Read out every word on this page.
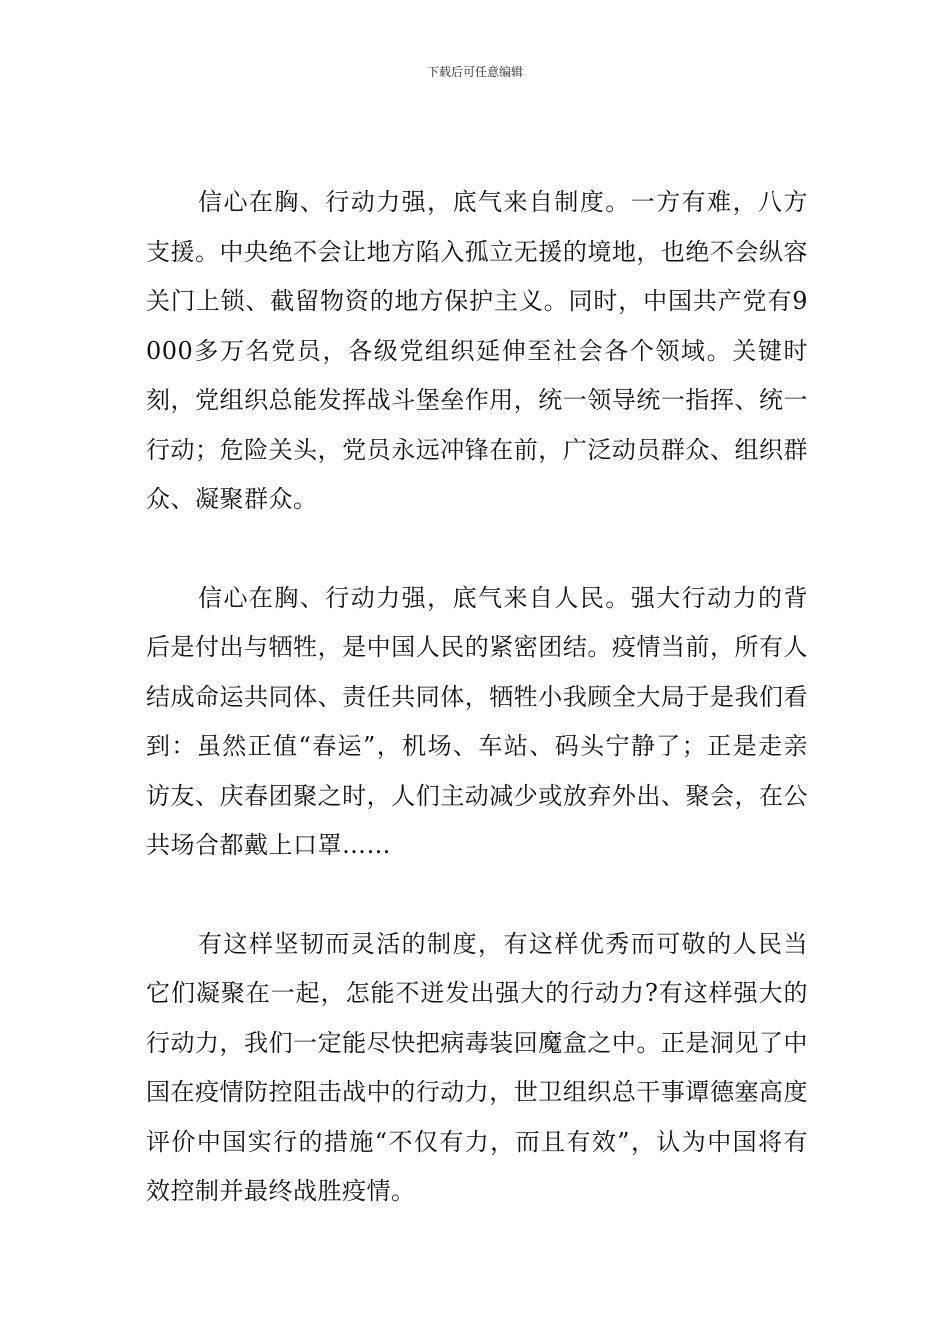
下载后可任意编辑

信心在胸、行动力强，底气来自制度。一方有难，八方支援。中央绝不会让地方陷入孤立无援的境地，也绝不会纵容关门上锁、截留物资的地方保护主义。同时，中国共产党有9000多万名党员，各级党组织延伸至社会各个领域。关键时刻，党组织总能发挥战斗堡垒作用，统一领导统一指挥、统一行动；危险关头，党员永远冲锋在前，广泛动员群众、组织群众、凝聚群众。

信心在胸、行动力强，底气来自人民。强大行动力的背后是付出与牺牲，是中国人民的紧密团结。疫情当前，所有人结成命运共同体、责任共同体，牺牲小我顾全大局于是我们看到：虽然正值“春运”，机场、车站、码头宁静了；正是走亲访友、庆春团聚之时，人们主动减少或放弃外出、聚会，在公共场合都戴上口罩……

有这样坚韧而灵活的制度，有这样优秀而可敬的人民当它们凝聚在一起，怎能不迸发出强大的行动力?有这样强大的行动力，我们一定能尽快把病毒装回魔盒之中。正是洞见了中国在疫情防控阻击战中的行动力，世卫组织总干事谭德塞高度评价中国实行的措施“不仅有力，而且有效”，认为中国将有效控制并最终战胜疫情。
